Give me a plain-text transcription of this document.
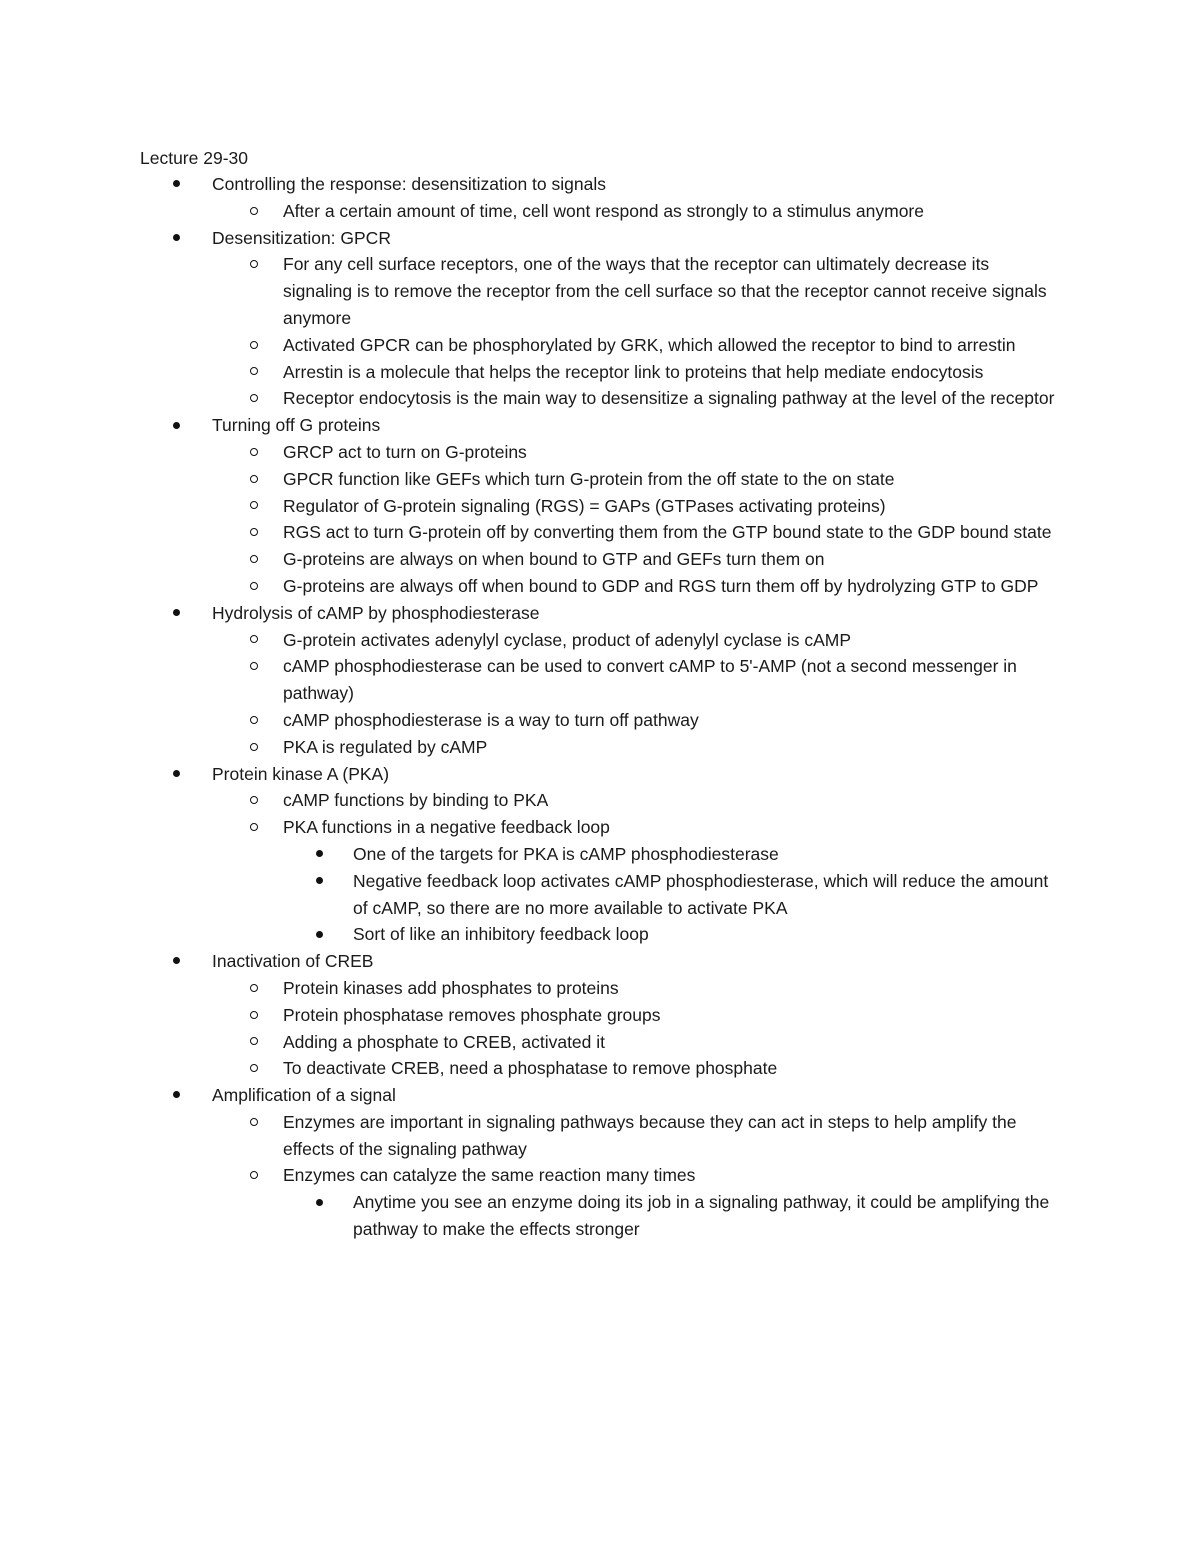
Lecture 29-30
Controlling the response: desensitization to signals
After a certain amount of time, cell wont respond as strongly to a stimulus anymore
Desensitization: GPCR
For any cell surface receptors, one of the ways that the receptor can ultimately decrease its signaling is to remove the receptor from the cell surface so that the receptor cannot receive signals anymore
Activated GPCR can be phosphorylated by GRK, which allowed the receptor to bind to arrestin
Arrestin is a molecule that helps the receptor link to proteins that help mediate endocytosis
Receptor endocytosis is the main way to desensitize a signaling pathway at the level of the receptor
Turning off G proteins
GRCP act to turn on G-proteins
GPCR function like GEFs which turn G-protein from the off state to the on state
Regulator of G-protein signaling (RGS) = GAPs (GTPases activating proteins)
RGS act to turn G-protein off by converting them from the GTP bound state to the GDP bound state
G-proteins are always on when bound to GTP and GEFs turn them on
G-proteins are always off when bound to GDP and RGS turn them off by hydrolyzing GTP to GDP
Hydrolysis of cAMP by phosphodiesterase
G-protein activates adenylyl cyclase, product of adenylyl cyclase is cAMP
cAMP phosphodiesterase can be used to convert cAMP to 5'-AMP (not a second messenger in pathway)
cAMP phosphodiesterase is a way to turn off pathway
PKA is regulated by cAMP
Protein kinase A (PKA)
cAMP functions by binding to PKA
PKA functions in a negative feedback loop
One of the targets for PKA is cAMP phosphodiesterase
Negative feedback loop activates cAMP phosphodiesterase, which will reduce the amount of cAMP, so there are no more available to activate PKA
Sort of like an inhibitory feedback loop
Inactivation of CREB
Protein kinases add phosphates to proteins
Protein phosphatase removes phosphate groups
Adding a phosphate to CREB, activated it
To deactivate CREB, need a phosphatase to remove phosphate
Amplification of a signal
Enzymes are important in signaling pathways because they can act in steps to help amplify the effects of the signaling pathway
Enzymes can catalyze the same reaction many times
Anytime you see an enzyme doing its job in a signaling pathway, it could be amplifying the pathway to make the effects stronger
